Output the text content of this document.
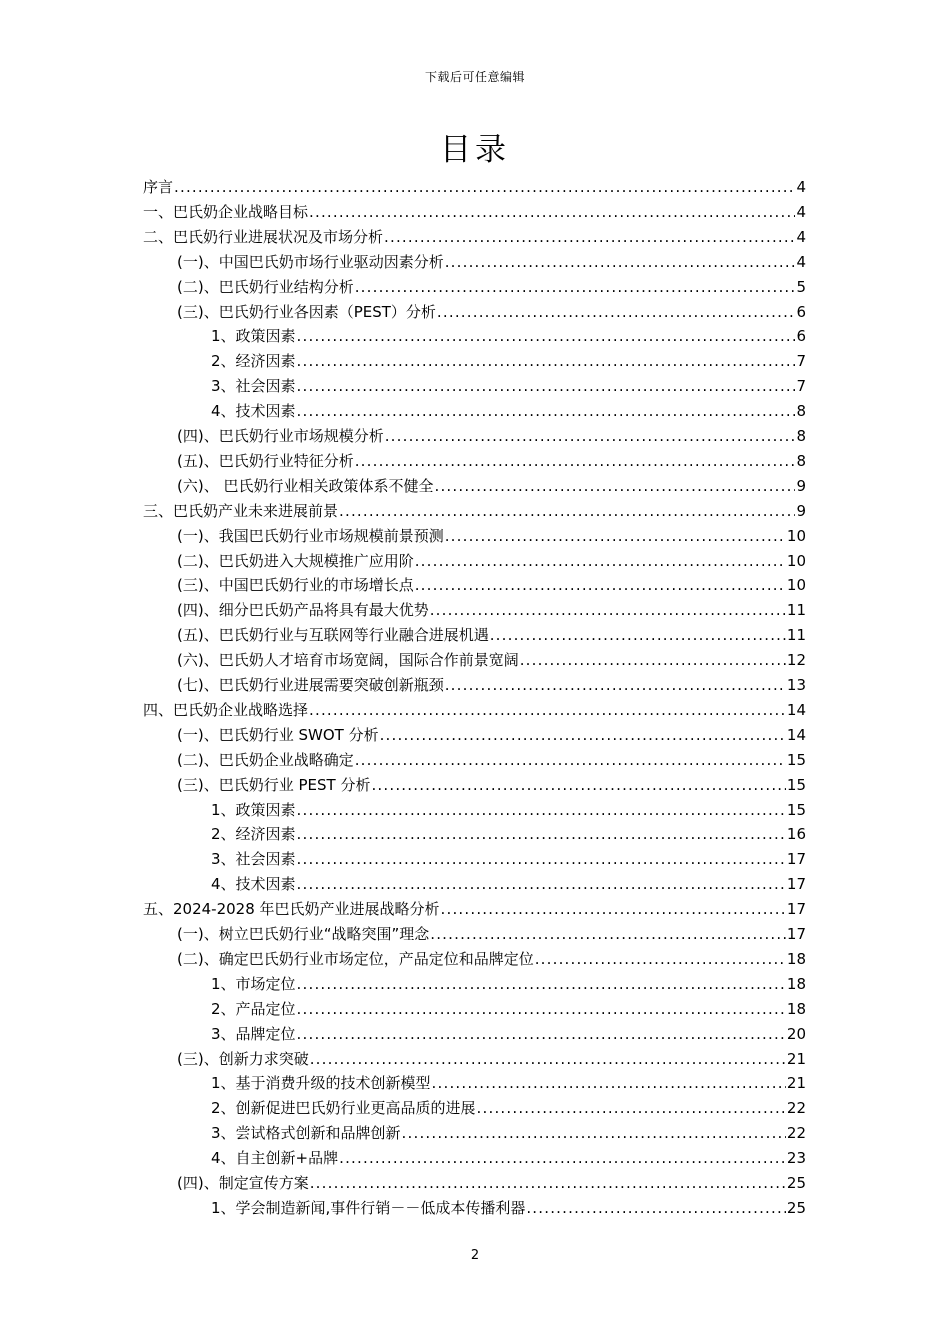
下载后可任意编辑
目录
序言 .....	4
一、巴氏奶企业战略目标 .....	4
二、巴氏奶行业进展状况及市场分析 .....	4
(一)、中国巴氏奶市场行业驱动因素分析 .....	4
(二)、巴氏奶行业结构分析 .....	5
(三)、巴氏奶行业各因素（PEST）分析 .....	6
1、政策因素 .....	6
2、经济因素 .....	7
3、社会因素 .....	7
4、技术因素 .....	8
(四)、巴氏奶行业市场规模分析 .....	8
(五)、巴氏奶行业特征分析 .....	8
(六)、 巴氏奶行业相关政策体系不健全 .....	9
三、巴氏奶产业未来进展前景 .....	9
(一)、我国巴氏奶行业市场规模前景预测 .....	10
(二)、巴氏奶进入大规模推广应用阶 .....	10
(三)、中国巴氏奶行业的市场增长点 .....	10
(四)、细分巴氏奶产品将具有最大优势 .....	11
(五)、巴氏奶行业与互联网等行业融合进展机遇 .....	11
(六)、巴氏奶人才培育市场宽阔，国际合作前景宽阔 .....	12
(七)、巴氏奶行业进展需要突破创新瓶颈 .....	13
四、巴氏奶企业战略选择 .....	14
(一)、巴氏奶行业 SWOT 分析 .....	14
(二)、巴氏奶企业战略确定 .....	15
(三)、巴氏奶行业 PEST 分析 .....	15
1、政策因素 .....	15
2、经济因素 .....	16
3、社会因素 .....	17
4、技术因素 .....	17
五、2024-2028 年巴氏奶产业进展战略分析 .....	17
(一)、树立巴氏奶行业“战略突围”理念 .....	17
(二)、确定巴氏奶行业市场定位，产品定位和品牌定位 .....	18
1、市场定位 .....	18
2、产品定位 .....	18
3、品牌定位 .....	20
(三)、创新力求突破 .....	21
1、基于消费升级的技术创新模型 .....	21
2、创新促进巴氏奶行业更高品质的进展 .....	22
3、尝试格式创新和品牌创新 .....	22
4、自主创新+品牌 .....	23
(四)、制定宣传方案 .....	25
1、学会制造新闻,事件行销－－低成本传播利器 .....	25
2
